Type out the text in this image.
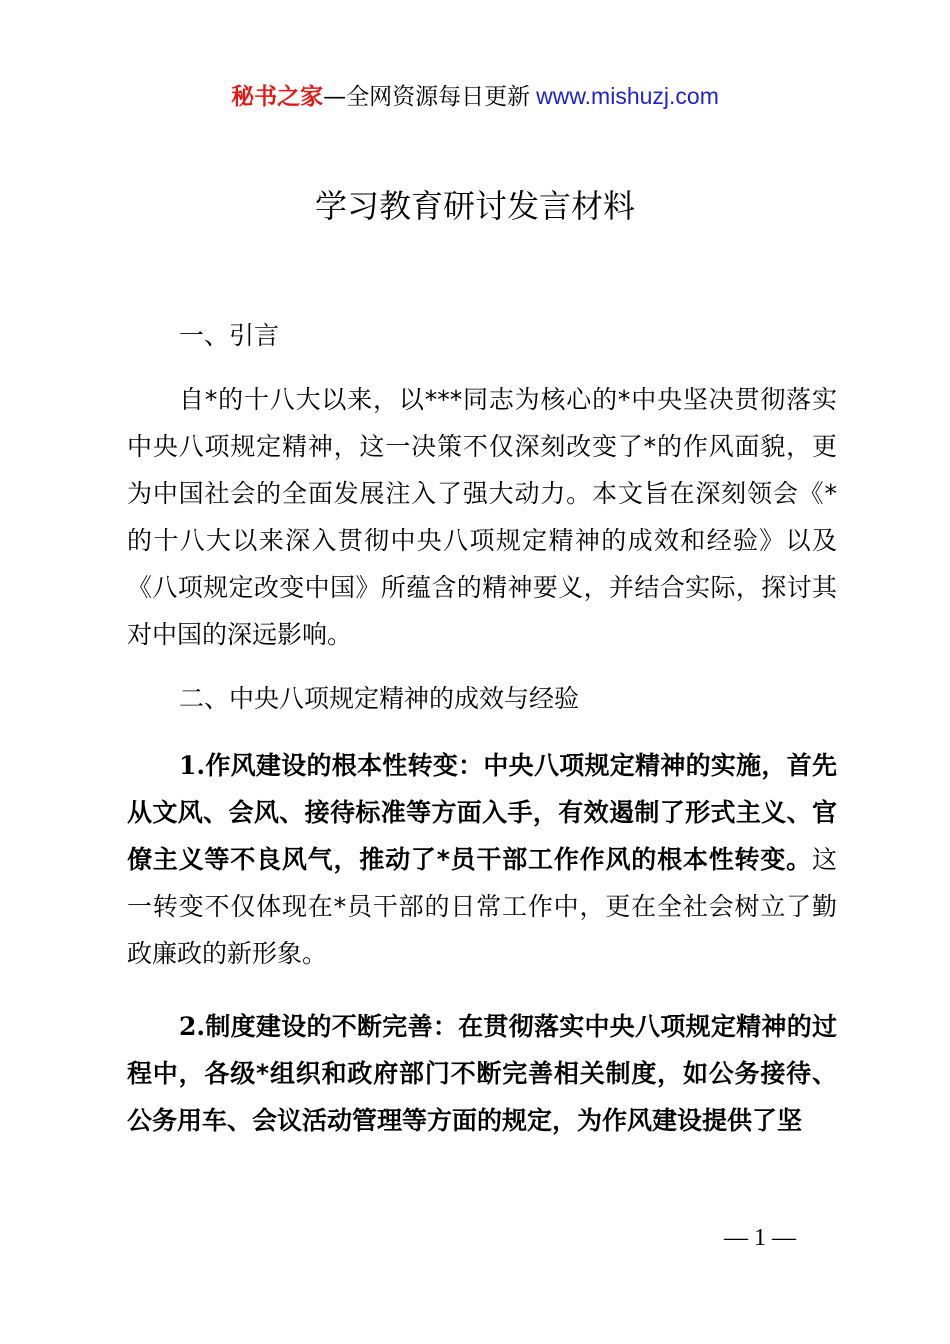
秘书之家—全网资源每日更新 www.mishuzj.com
学习教育研讨发言材料

一、引言

自*的十八大以来，以***同志为核心的*中央坚决贯彻落实中央八项规定精神，这一决策不仅深刻改变了*的作风面貌，更为中国社会的全面发展注入了强大动力。本文旨在深刻领会《*的十八大以来深入贯彻中央八项规定精神的成效和经验》以及《八项规定改变中国》所蕴含的精神要义，并结合实际，探讨其对中国的深远影响。

二、中央八项规定精神的成效与经验

1.作风建设的根本性转变：中央八项规定精神的实施，首先从文风、会风、接待标准等方面入手，有效遏制了形式主义、官僚主义等不良风气，推动了*员干部工作作风的根本性转变。这一转变不仅体现在*员干部的日常工作中，更在全社会树立了勤政廉政的新形象。

2.制度建设的不断完善：在贯彻落实中央八项规定精神的过程中，各级*组织和政府部门不断完善相关制度，如公务接待、公务用车、会议活动管理等方面的规定，为作风建设提供了坚

— 1 —
